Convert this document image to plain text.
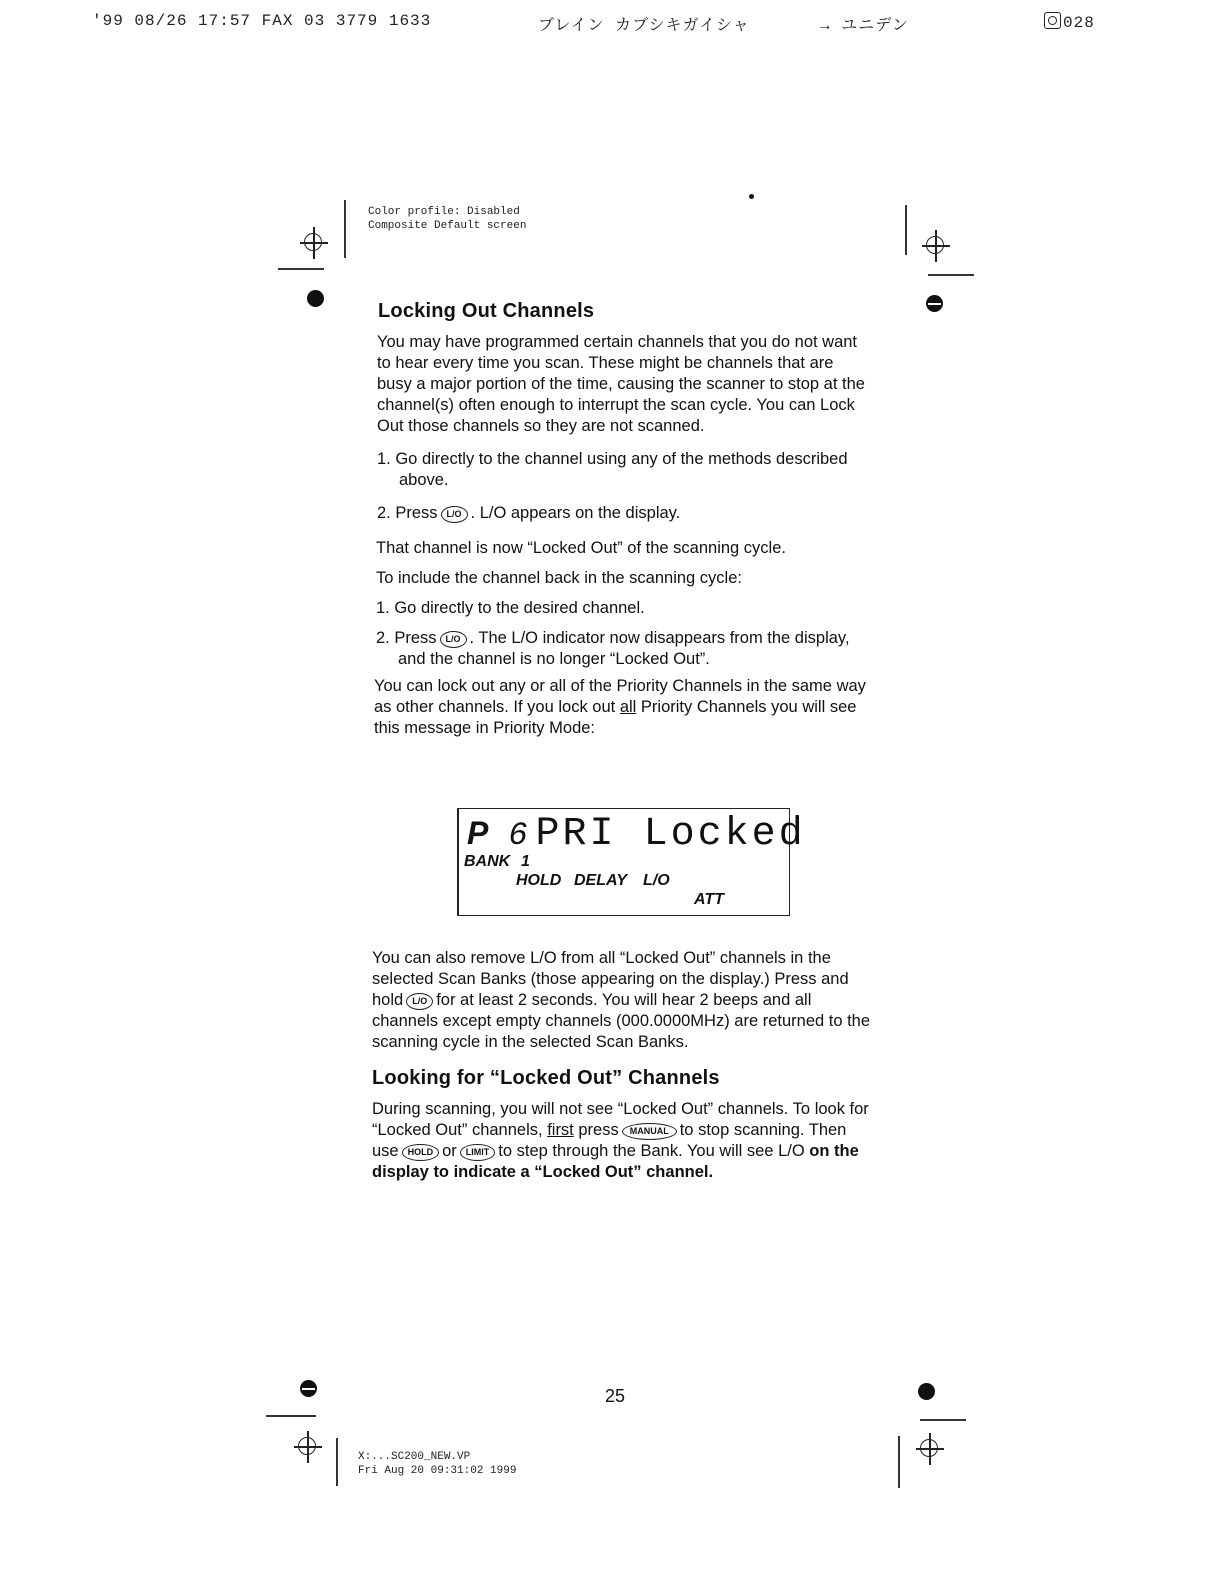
'99 08/26 17:57 FAX 03 3779 1633	ブレイン カブシキガイシャ	→ ユニデン	028
Color profile: Disabled
Composite Default screen
Locking Out Channels

You may have programmed certain channels that you do not want to hear every time you scan. These might be channels that are busy a major portion of the time, causing the scanner to stop at the channel(s) often enough to interrupt the scan cycle. You can Lock Out those channels so they are not scanned.

1. Go directly to the channel using any of the methods described above.
2. Press L/O . L/O appears on the display.

That channel is now “Locked Out” of the scanning cycle.

To include the channel back in the scanning cycle:

1. Go directly to the desired channel.
2. Press L/O . The L/O indicator now disappears from the display, and the channel is no longer “Locked Out”.

You can lock out any or all of the Priority Channels in the same way as other channels. If you lock out all Priority Channels you will see this message in Priority Mode:

P 6 PRI Locked
BANK 1
HOLD DELAY L/O
ATT

You can also remove L/O from all “Locked Out” channels in the selected Scan Banks (those appearing on the display.) Press and hold L/O for at least 2 seconds. You will hear 2 beeps and all channels except empty channels (000.0000MHz) are returned to the scanning cycle in the selected Scan Banks.

Looking for “Locked Out” Channels

During scanning, you will not see “Locked Out” channels. To look for “Locked Out” channels, first press MANUAL to stop scanning. Then use HOLD or LIMIT to step through the Bank. You will see L/O on the display to indicate a “Locked Out” channel.

25
X:...SC200_NEW.VP
Fri Aug 20 09:31:02 1999
